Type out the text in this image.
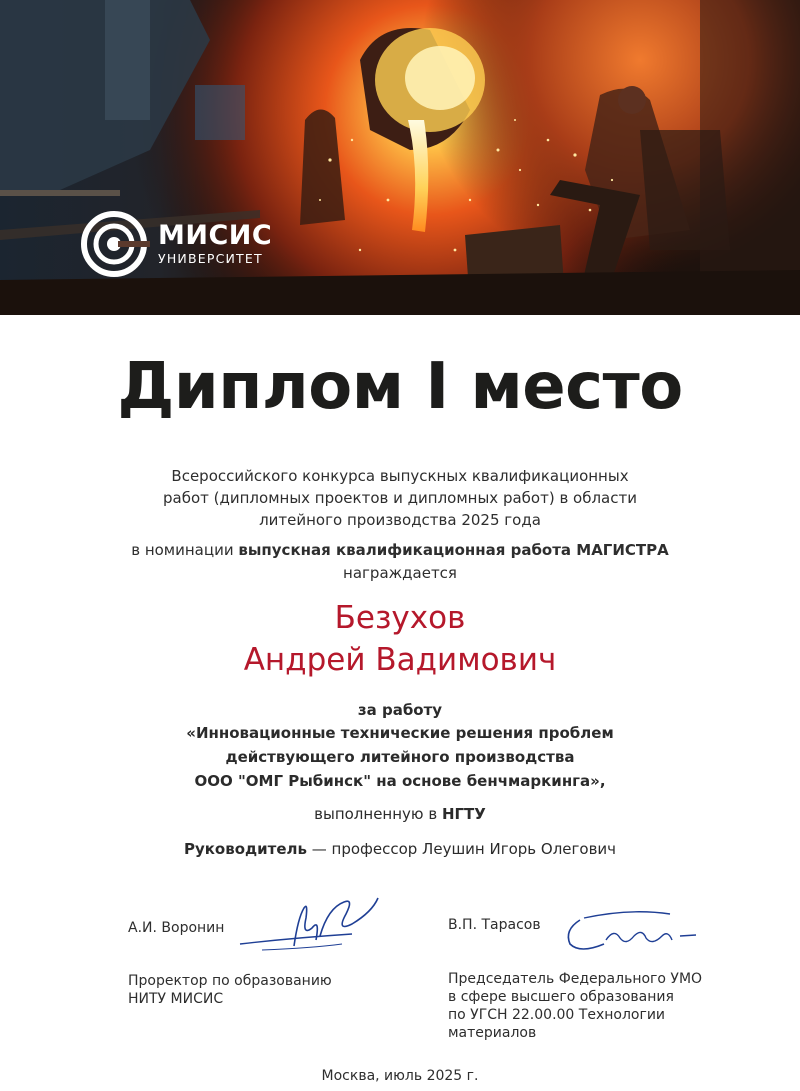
МИСИС
УНИВЕРСИТЕТ
Диплом I место
Всероссийского конкурса выпускных квалификационных
работ (дипломных проектов и дипломных работ) в области
литейного производства 2025 года
в номинации выпускная квалификационная работа МАГИСТРА
награждается
Безухов
Андрей Вадимович
за работу
«Инновационные технические решения проблем
действующего литейного производства
ООО "ОМГ Рыбинск" на основе бенчмаркинга»,
выполненную в НГТУ
Руководитель — профессор Леушин Игорь Олегович
А.И. Воронин
Проректор по образованию
НИТУ МИСИС
В.П. Тарасов
Председатель Федерального УМО
в сфере высшего образования
по УГСН 22.00.00 Технологии
материалов
Москва, июль 2025 г.
